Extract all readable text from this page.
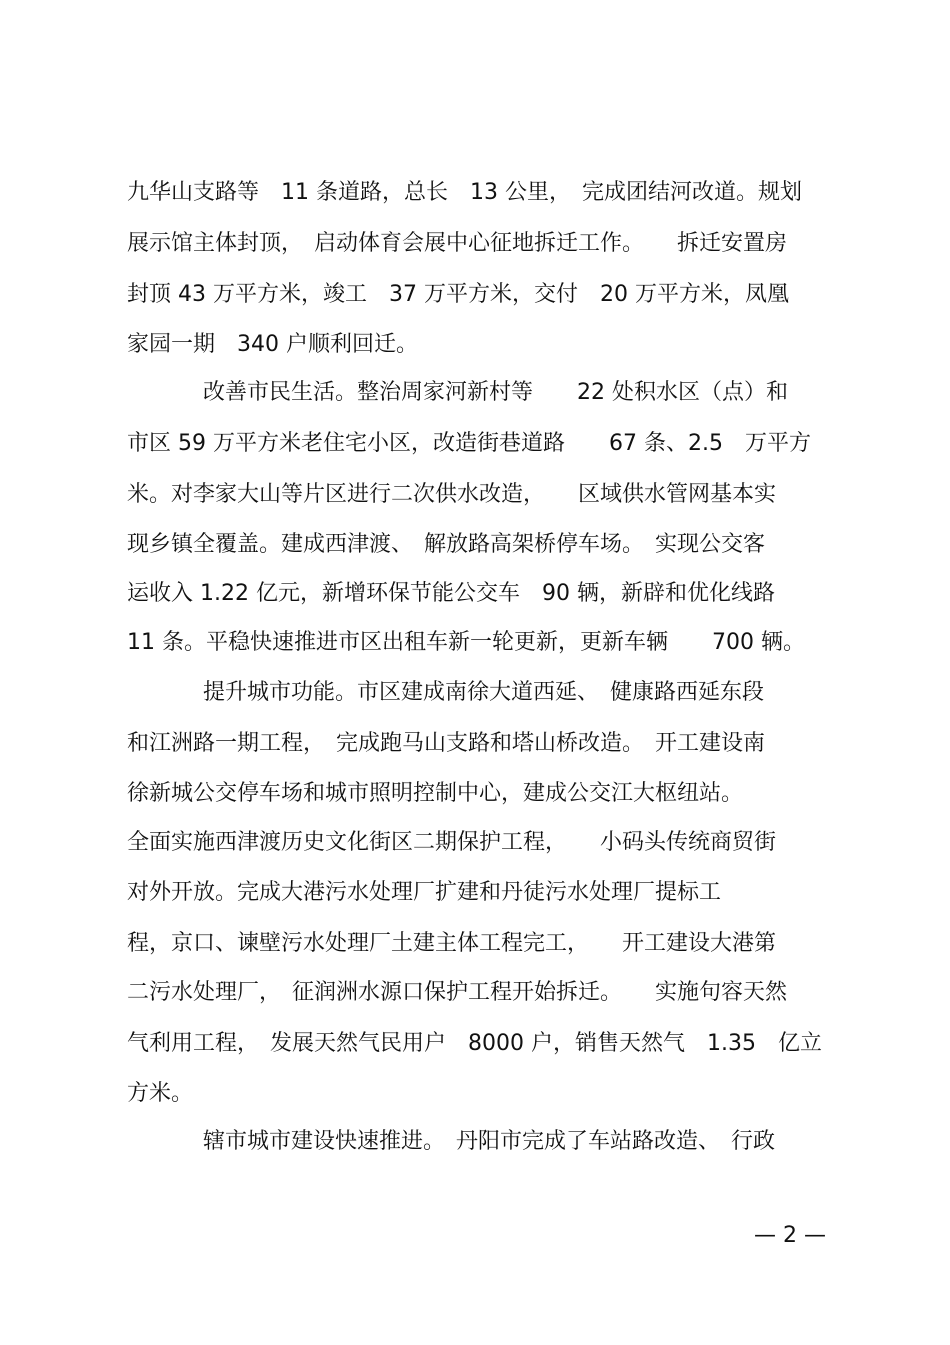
九华山支路等　11 条道路，总长　13 公里，　完成团结河改道。规划
展示馆主体封顶，　启动体育会展中心征地拆迁工作。　　拆迁安置房
封顶 43 万平方米，竣工　37 万平方米，交付　20 万平方米，凤凰
家园一期　340 户顺利回迁。
改善市民生活。整治周家河新村等　　22 处积水区（点）和
市区 59 万平方米老住宅小区，改造街巷道路　　67 条、2.5　万平方
米。对李家大山等片区进行二次供水改造，　　区域供水管网基本实
现乡镇全覆盖。建成西津渡、　解放路高架桥停车场。　实现公交客
运收入 1.22 亿元，新增环保节能公交车　90 辆，新辟和优化线路
11 条。平稳快速推进市区出租车新一轮更新，更新车辆　　700 辆。
提升城市功能。市区建成南徐大道西延、　健康路西延东段
和江洲路一期工程，　完成跑马山支路和塔山桥改造。　开工建设南
徐新城公交停车场和城市照明控制中心，建成公交江大枢纽站。
全面实施西津渡历史文化街区二期保护工程，　　小码头传统商贸街
对外开放。完成大港污水处理厂扩建和丹徒污水处理厂提标工
程，京口、谏壁污水处理厂土建主体工程完工，　　开工建设大港第
二污水处理厂，　征润洲水源口保护工程开始拆迁。　　实施句容天然
气利用工程，　发展天然气民用户　8000 户，销售天然气　1.35　亿立
方米。
辖市城市建设快速推进。　丹阳市完成了车站路改造、　行政
— 2 —
